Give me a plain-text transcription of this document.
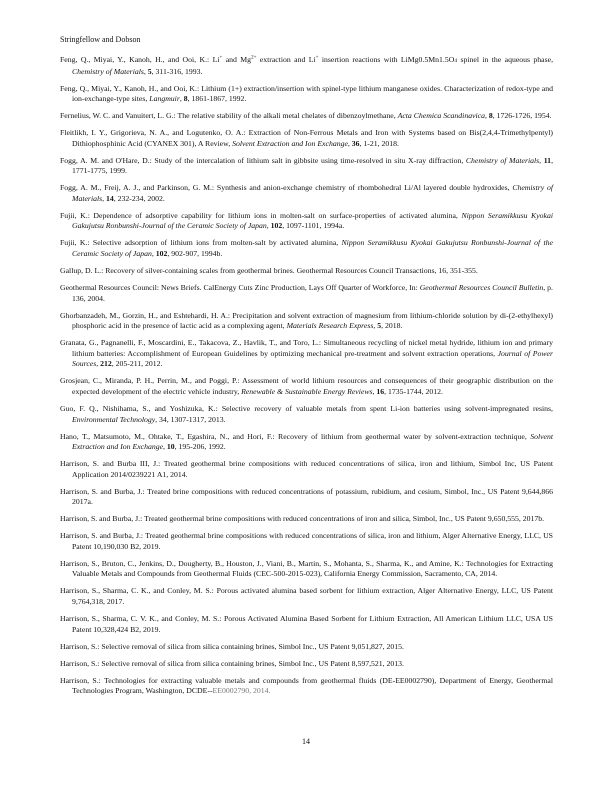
Stringfellow and Dobson
Feng, Q., Miyai, Y., Kanoh, H., and Ooi, K.: Li+ and $Mg^{2+}$ extraction and Li+ insertion reactions with LiMg0.5Mn1.5O4 spinel in the aqueous phase, Chemistry of Materials, 5, 311-316, 1993.
Feng, Q., Miyai, Y., Kanoh, H., and Ooi, K.: Lithium (1+) extraction/insertion with spinel-type lithium manganese oxides. Characterization of redox-type and ion-exchange-type sites, Langmuir, 8, 1861-1867, 1992.
Fernelius, W. C. and Vanuitert, L. G.: The relative stability of the alkali metal chelates of dibenzoylmethane, Acta Chemica Scandinavica, 8, 1726-1726, 1954.
Fleitlikh, I. Y., Grigorieva, N. A., and Logutenko, O. A.: Extraction of Non-Ferrous Metals and Iron with Systems based on Bis(2,4,4-Trimethylpentyl) Dithiophosphinic Acid (CYANEX 301), A Review, Solvent Extraction and Ion Exchange, 36, 1-21, 2018.
Fogg, A. M. and O'Hare, D.: Study of the intercalation of lithium salt in gibbsite using time-resolved in situ X-ray diffraction, Chemistry of Materials, 11, 1771-1775, 1999.
Fogg, A. M., Freij, A. J., and Parkinson, G. M.: Synthesis and anion-exchange chemistry of rhombohedral Li/Al layered double hydroxides, Chemistry of Materials, 14, 232-234, 2002.
Fujii, K.: Dependence of adsorptive capability for lithium ions in molten-salt on surface-properties of activated alumina, Nippon Seramikkusu Kyokai Gakujutsu Ronbunshi-Journal of the Ceramic Society of Japan, 102, 1097-1101, 1994a.
Fujii, K.: Selective adsorption of lithium ions from molten-salt by activated alumina, Nippon Seramikkusu Kyokai Gakujutsu Ronbunshi-Journal of the Ceramic Society of Japan, 102, 902-907, 1994b.
Gallup, D. L.: Recovery of silver-containing scales from geothermal brines. Geothermal Resources Council Transactions, 16, 351-355.
Geothermal Resources Council: News Briefs. CalEnergy Cuts Zinc Production, Lays Off Quarter of Workforce, In: Geothermal Resources Council Bulletin, p. 136, 2004.
Ghorbanzadeh, M., Gorzin, H., and Eshtehardi, H. A.: Precipitation and solvent extraction of magnesium from lithium-chloride solution by di-(2-ethylhexyl) phosphoric acid in the presence of lactic acid as a complexing agent, Materials Research Express, 5, 2018.
Granata, G., Pagnanelli, F., Moscardini, E., Takacova, Z., Havlik, T., and Toro, L.: Simultaneous recycling of nickel metal hydride, lithium ion and primary lithium batteries: Accomplishment of European Guidelines by optimizing mechanical pre-treatment and solvent extraction operations, Journal of Power Sources, 212, 205-211, 2012.
Grosjean, C., Miranda, P. H., Perrin, M., and Poggi, P.: Assessment of world lithium resources and consequences of their geographic distribution on the expected development of the electric vehicle industry, Renewable & Sustainable Energy Reviews, 16, 1735-1744, 2012.
Guo, F. Q., Nishihama, S., and Yoshizuka, K.: Selective recovery of valuable metals from spent Li-ion batteries using solvent-impregnated resins, Environmental Technology, 34, 1307-1317, 2013.
Hano, T., Matsumoto, M., Ohtake, T., Egashira, N., and Hori, F.: Recovery of lithium from geothermal water by solvent-extraction technique, Solvent Extraction and Ion Exchange, 10, 195-206, 1992.
Harrison, S. and Burba III, J.: Treated geothermal brine compositions with reduced concentrations of silica, iron and lithium, Simbol Inc, US Patent Application 2014/0239221 A1, 2014.
Harrison, S. and Burba, J.: Treated brine compositions with reduced concentrations of potassium, rubidium, and cesium, Simbol, Inc., US Patent 9,644,866 2017a.
Harrison, S. and Burba, J.: Treated geothermal brine compositions with reduced concentrations of iron and silica, Simbol, Inc., US Patent 9,650,555, 2017b.
Harrison, S. and Burba, J.: Treated geothermal brine compositions with reduced concentrations of silica, iron and lithium, Alger Alternative Energy, LLC, US Patent 10,190,030 B2, 2019.
Harrison, S., Bruton, C., Jenkins, D., Dougherty, B., Houston, J., Viani, B., Martin, S., Mohanta, S., Sharma, K., and Amine, K.: Technologies for Extracting Valuable Metals and Compounds from Geothermal Fluids (CEC-500-2015-023), California Energy Commission, Sacramento, CA, 2014.
Harrison, S., Sharma, C. K., and Conley, M. S.: Porous activated alumina based sorbent for lithium extraction, Alger Alternative Energy, LLC, US Patent 9,764,318, 2017.
Harrison, S., Sharma, C. V. K., and Conley, M. S.: Porous Activated Alumina Based Sorbent for Lithium Extraction, All American Lithium LLC, USA US Patent 10,328,424 B2, 2019.
Harrison, S.: Selective removal of silica from silica containing brines, Simbol Inc., US Patent 9,051,827, 2015.
Harrison, S.: Selective removal of silica from silica containing brines, Simbol Inc., US Patent 8,597,521, 2013.
Harrison, S.: Technologies for extracting valuable metals and compounds from geothermal fluids (DE-EE0002790), Department of Energy, Geothermal Technologies Program, Washington, DCDE--EE0002790, 2014.
14
